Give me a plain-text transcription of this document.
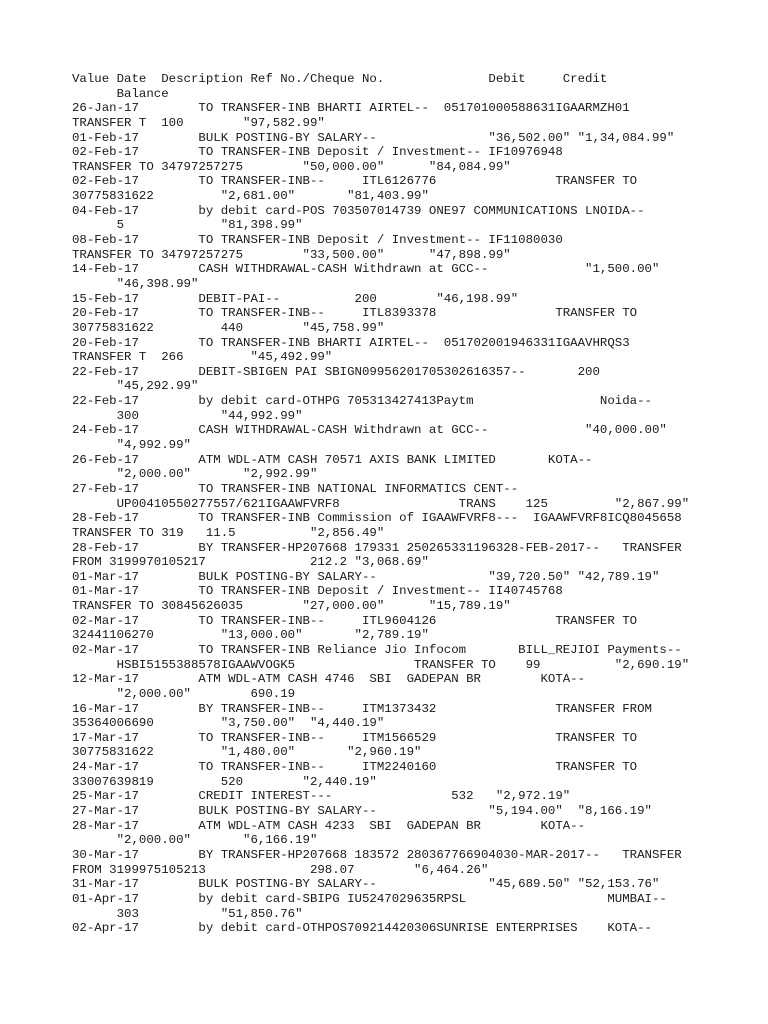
Value Date  Description Ref No./Cheque No.              Debit     Credit
Balance
26-Jan-17        TO TRANSFER-INB BHARTI AIRTEL--  051701000588631IGAARMZH01
TRANSFER T  100        "97,582.99"
01-Feb-17        BULK POSTING-BY SALARY--               "36,502.00" "1,34,084.99"
02-Feb-17        TO TRANSFER-INB Deposit / Investment-- IF10976948
TRANSFER TO 34797257275        "50,000.00"      "84,084.99"
02-Feb-17        TO TRANSFER-INB--     ITL6126776                TRANSFER TO
30775831622         "2,681.00"       "81,403.99"
04-Feb-17        by debit card-POS 703507014739 ONE97 COMMUNICATIONS LNOIDA--
5             "81,398.99"
08-Feb-17        TO TRANSFER-INB Deposit / Investment-- IF11080030
TRANSFER TO 34797257275        "33,500.00"      "47,898.99"
14-Feb-17        CASH WITHDRAWAL-CASH Withdrawn at GCC--             "1,500.00"
"46,398.99"
15-Feb-17        DEBIT-PAI--          200        "46,198.99"
20-Feb-17        TO TRANSFER-INB--     ITL8393378                TRANSFER TO
30775831622         440        "45,758.99"
20-Feb-17        TO TRANSFER-INB BHARTI AIRTEL--  051702001946331IGAAVHRQS3
TRANSFER T  266         "45,492.99"
22-Feb-17        DEBIT-SBIGEN PAI SBIGN09956201705302616357--       200
"45,292.99"
22-Feb-17        by debit card-OTHPG 705313427413Paytm                 Noida--
300           "44,992.99"
24-Feb-17        CASH WITHDRAWAL-CASH Withdrawn at GCC--             "40,000.00"
"4,992.99"
26-Feb-17        ATM WDL-ATM CASH 70571 AXIS BANK LIMITED       KOTA--
"2,000.00"       "2,992.99"
27-Feb-17        TO TRANSFER-INB NATIONAL INFORMATICS CENT--
UP00410550277557/621IGAAWFVRF8                TRANS    125         "2,867.99"
28-Feb-17        TO TRANSFER-INB Commission of IGAAWFVRF8---  IGAAWFVRF8ICQ8045658
TRANSFER TO 319   11.5          "2,856.49"
28-Feb-17        BY TRANSFER-HP207668 179331 250265331196328-FEB-2017--   TRANSFER
FROM 3199970105217              212.2 "3,068.69"
01-Mar-17        BULK POSTING-BY SALARY--               "39,720.50" "42,789.19"
01-Mar-17        TO TRANSFER-INB Deposit / Investment-- II40745768
TRANSFER TO 30845626035        "27,000.00"      "15,789.19"
02-Mar-17        TO TRANSFER-INB--     ITL9604126                TRANSFER TO
32441106270         "13,000.00"       "2,789.19"
02-Mar-17        TO TRANSFER-INB Reliance Jio Infocom       BILL_REJIOI Payments--
HSBI5155388578IGAAWVOGK5                TRANSFER TO    99          "2,690.19"
12-Mar-17        ATM WDL-ATM CASH 4746  SBI  GADEPAN BR        KOTA--
"2,000.00"        690.19
16-Mar-17        BY TRANSFER-INB--     ITM1373432                TRANSFER FROM
35364006690         "3,750.00"  "4,440.19"
17-Mar-17        TO TRANSFER-INB--     ITM1566529                TRANSFER TO
30775831622         "1,480.00"       "2,960.19"
24-Mar-17        TO TRANSFER-INB--     ITM2240160                TRANSFER TO
33007639819         520        "2,440.19"
25-Mar-17        CREDIT INTEREST---                532   "2,972.19"
27-Mar-17        BULK POSTING-BY SALARY--               "5,194.00"  "8,166.19"
28-Mar-17        ATM WDL-ATM CASH 4233  SBI  GADEPAN BR        KOTA--
"2,000.00"       "6,166.19"
30-Mar-17        BY TRANSFER-HP207668 183572 280367766904030-MAR-2017--   TRANSFER
FROM 3199975105213              298.07        "6,464.26"
31-Mar-17        BULK POSTING-BY SALARY--               "45,689.50" "52,153.76"
01-Apr-17        by debit card-SBIPG IU5247029635RPSL                   MUMBAI--
303           "51,850.76"
02-Apr-17        by debit card-OTHPOS709214420306SUNRISE ENTERPRISES    KOTA--
